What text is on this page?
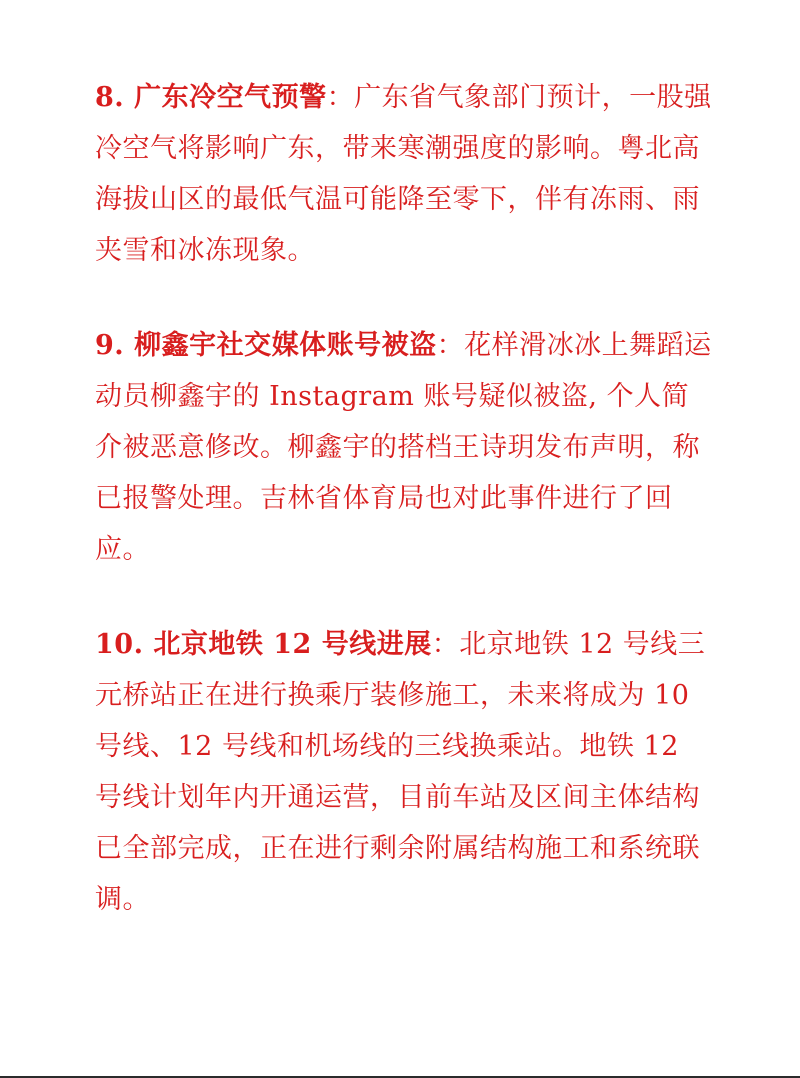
8. 广东冷空气预警：广东省气象部门预计，一股强冷空气将影响广东，带来寒潮强度的影响。粤北高海拔山区的最低气温可能降至零下，伴有冻雨、雨夹雪和冰冻现象。

9. 柳鑫宇社交媒体账号被盗：花样滑冰冰上舞蹈运动员柳鑫宇的 Instagram 账号疑似被盗, 个人简介被恶意修改。柳鑫宇的搭档王诗玥发布声明，称已报警处理。吉林省体育局也对此事件进行了回应。

10. 北京地铁 12 号线进展：北京地铁 12 号线三元桥站正在进行换乘厅装修施工，未来将成为 10 号线、12 号线和机场线的三线换乘站。地铁 12 号线计划年内开通运营，目前车站及区间主体结构已全部完成，正在进行剩余附属结构施工和系统联调。
